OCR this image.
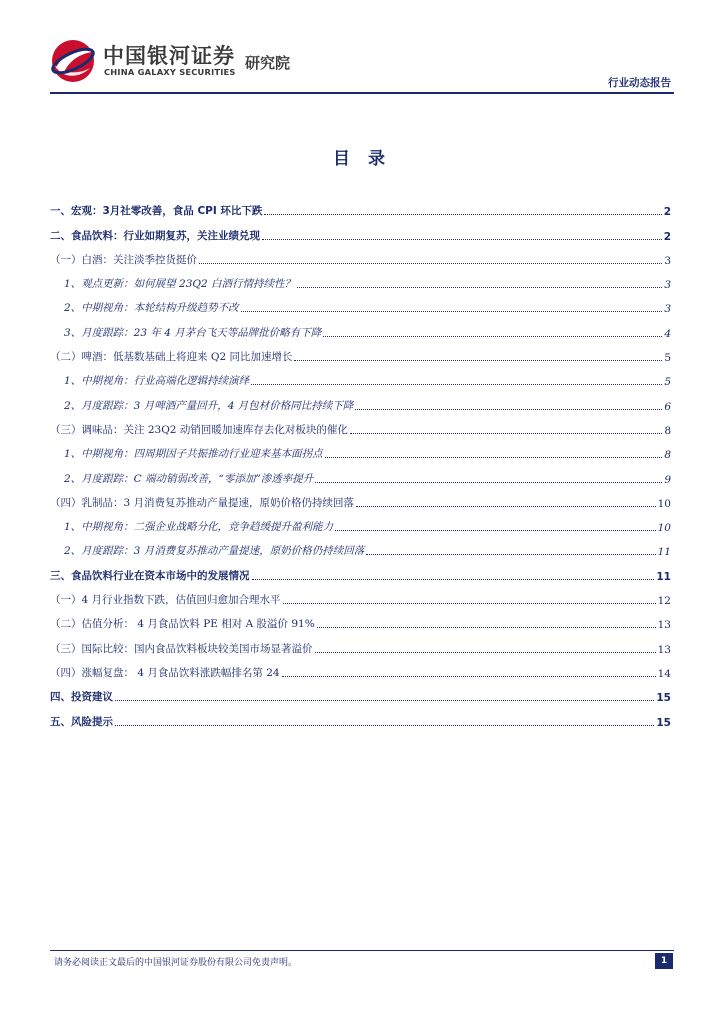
中国银河证券
CHINA GALAXY SECURITIES 研究院
行业动态报告
目 录
一、宏观：3月社零改善，食品 CPI 环比下跌	2
二、食品饮料：行业如期复苏，关注业绩兑现	2
（一）白酒：关注淡季控货挺价	3
1、观点更新：如何展望 23Q2 白酒行情持续性？	3
2、中期视角：本轮结构升级趋势不改	3
3、月度跟踪：23 年 4 月茅台飞天等品牌批价略有下降	4
（二）啤酒：低基数基础上将迎来 Q2 同比加速增长	5
1、中期视角：行业高端化逻辑持续演绎	5
2、月度跟踪：3 月啤酒产量回升，4 月包材价格同比持续下降	6
（三）调味品：关注 23Q2 动销回暖加速库存去化对板块的催化	8
1、中期视角：四周期因子共振推动行业迎来基本面拐点	8
2、月度跟踪：C 端动销弱改善，“零添加”渗透率提升	9
（四）乳制品：3 月消费复苏推动产量提速，原奶价格仍持续回落	10
1、中期视角：二强企业战略分化，竞争趋缓提升盈利能力	10
2、月度跟踪：3 月消费复苏推动产量提速，原奶价格仍持续回落	11
三、食品饮料行业在资本市场中的发展情况	11
（一）4 月行业指数下跌，估值回归愈加合理水平	12
（二）估值分析： 4 月食品饮料 PE 相对 A 股溢价 91%	13
（三）国际比较：国内食品饮料板块较美国市场显著溢价	13
（四）涨幅复盘： 4 月食品饮料涨跌幅排名第 24	14
四、投资建议	15
五、风险提示	15
请务必阅读正文最后的中国银河证券股份有限公司免责声明。	1
